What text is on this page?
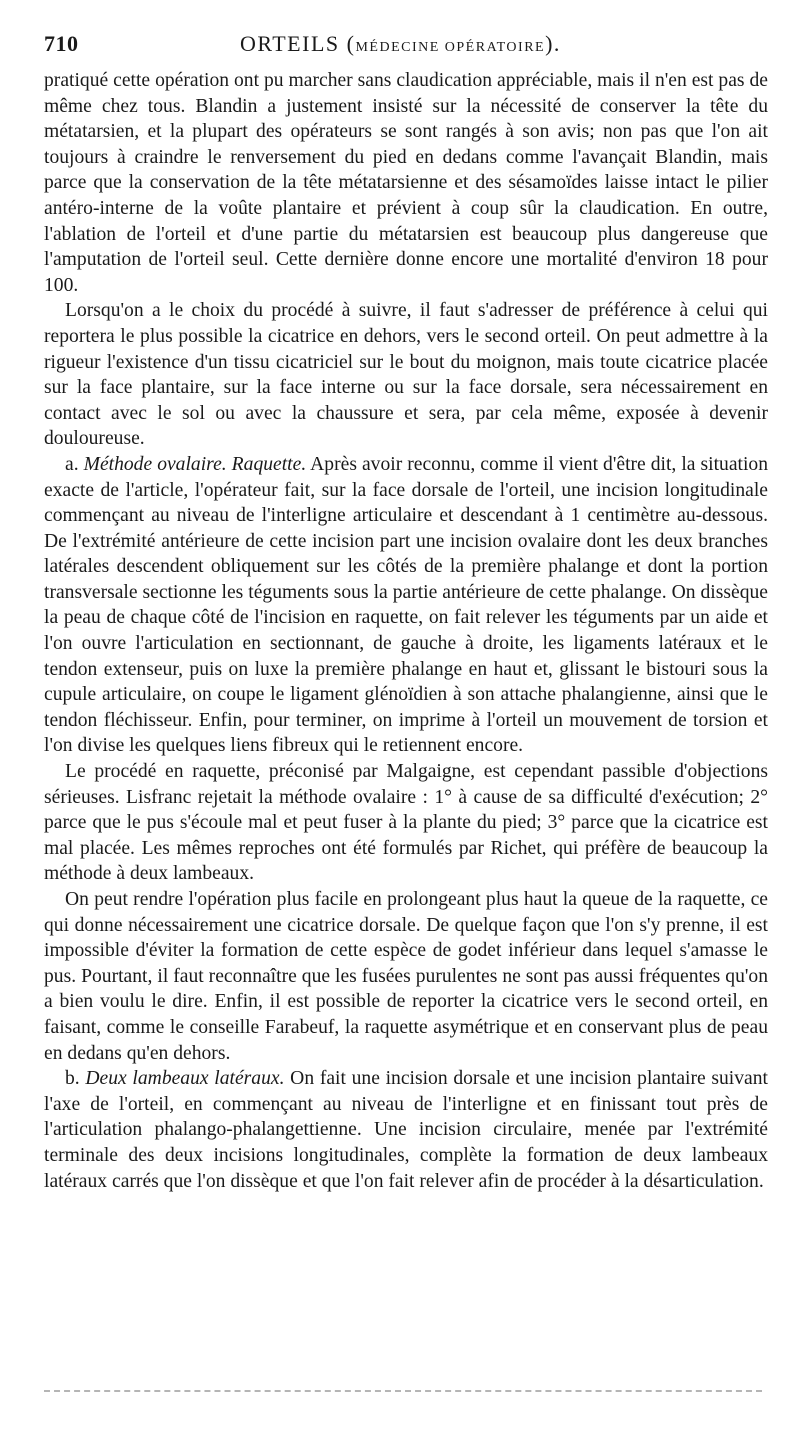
710	ORTEILS (MÉDECINE OPÉRATOIRE).

pratiqué cette opération ont pu marcher sans claudication appréciable, mais il n'en est pas de même chez tous. Blandin a justement insisté sur la nécessité de conserver la tête du métatarsien, et la plupart des opérateurs se sont rangés à son avis; non pas que l'on ait toujours à craindre le renversement du pied en dedans comme l'avançait Blandin, mais parce que la conservation de la tête métatarsienne et des sésamoïdes laisse intact le pilier antéro-interne de la voûte plantaire et prévient à coup sûr la claudication. En outre, l'ablation de l'orteil et d'une partie du métatarsien est beaucoup plus dangereuse que l'amputation de l'orteil seul. Cette dernière donne encore une mortalité d'environ 18 pour 100.

Lorsqu'on a le choix du procédé à suivre, il faut s'adresser de préférence à celui qui reportera le plus possible la cicatrice en dehors, vers le second orteil. On peut admettre à la rigueur l'existence d'un tissu cicatriciel sur le bout du moignon, mais toute cicatrice placée sur la face plantaire, sur la face interne ou sur la face dorsale, sera nécessairement en contact avec le sol ou avec la chaussure et sera, par cela même, exposée à devenir douloureuse.

a. Méthode ovalaire. Raquette. Après avoir reconnu, comme il vient d'être dit, la situation exacte de l'article, l'opérateur fait, sur la face dorsale de l'orteil, une incision longitudinale commençant au niveau de l'interligne articulaire et descendant à 1 centimètre au-dessous. De l'extrémité antérieure de cette incision part une incision ovalaire dont les deux branches latérales descendent obliquement sur les côtés de la première phalange et dont la portion transversale sectionne les téguments sous la partie antérieure de cette phalange. On dissèque la peau de chaque côté de l'incision en raquette, on fait relever les téguments par un aide et l'on ouvre l'articulation en sectionnant, de gauche à droite, les ligaments latéraux et le tendon extenseur, puis on luxe la première phalange en haut et, glissant le bistouri sous la cupule articulaire, on coupe le ligament glénoïdien à son attache phalangienne, ainsi que le tendon fléchisseur. Enfin, pour terminer, on imprime à l'orteil un mouvement de torsion et l'on divise les quelques liens fibreux qui le retiennent encore.

Le procédé en raquette, préconisé par Malgaigne, est cependant passible d'objections sérieuses. Lisfranc rejetait la méthode ovalaire : 1° à cause de sa difficulté d'exécution; 2° parce que le pus s'écoule mal et peut fuser à la plante du pied; 3° parce que la cicatrice est mal placée. Les mêmes reproches ont été formulés par Richet, qui préfère de beaucoup la méthode à deux lambeaux.

On peut rendre l'opération plus facile en prolongeant plus haut la queue de la raquette, ce qui donne nécessairement une cicatrice dorsale. De quelque façon que l'on s'y prenne, il est impossible d'éviter la formation de cette espèce de godet inférieur dans lequel s'amasse le pus. Pourtant, il faut reconnaître que les fusées purulentes ne sont pas aussi fréquentes qu'on a bien voulu le dire. Enfin, il est possible de reporter la cicatrice vers le second orteil, en faisant, comme le conseille Farabeuf, la raquette asymétrique et en conservant plus de peau en dedans qu'en dehors.

b. Deux lambeaux latéraux. On fait une incision dorsale et une incision plantaire suivant l'axe de l'orteil, en commençant au niveau de l'interligne et en finissant tout près de l'articulation phalango-phalangettienne. Une incision circulaire, menée par l'extrémité terminale des deux incisions longitudinales, complète la formation de deux lambeaux latéraux carrés que l'on dissèque et que l'on fait relever afin de procéder à la désarticulation.
